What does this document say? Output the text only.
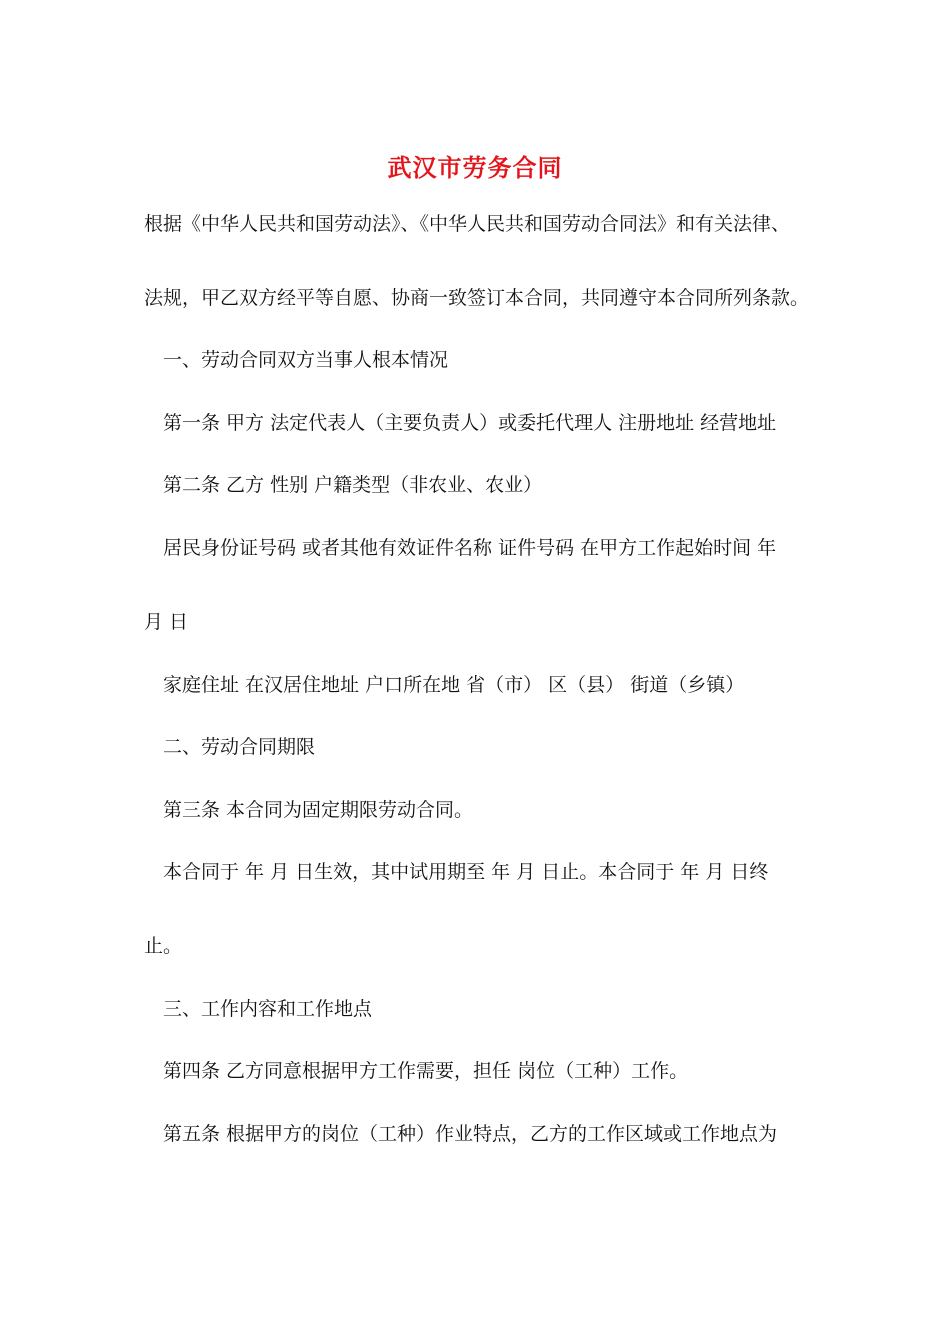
武汉市劳务合同
根据《中华人民共和国劳动法》、《中华人民共和国劳动合同法》和有关法律、
法规，甲乙双方经平等自愿、协商一致签订本合同，共同遵守本合同所列条款。
一、劳动合同双方当事人根本情况
第一条 甲方 法定代表人（主要负责人）或委托代理人 注册地址 经营地址
第二条 乙方 性别 户籍类型（非农业、农业）
居民身份证号码 或者其他有效证件名称 证件号码 在甲方工作起始时间 年
月 日
家庭住址 在汉居住地址 户口所在地 省（市） 区（县） 街道（乡镇）
二、劳动合同期限
第三条 本合同为固定期限劳动合同。
本合同于 年 月 日生效，其中试用期至 年 月 日止。本合同于 年 月 日终
止。
三、工作内容和工作地点
第四条 乙方同意根据甲方工作需要，担任 岗位（工种）工作。
第五条 根据甲方的岗位（工种）作业特点，乙方的工作区域或工作地点为
